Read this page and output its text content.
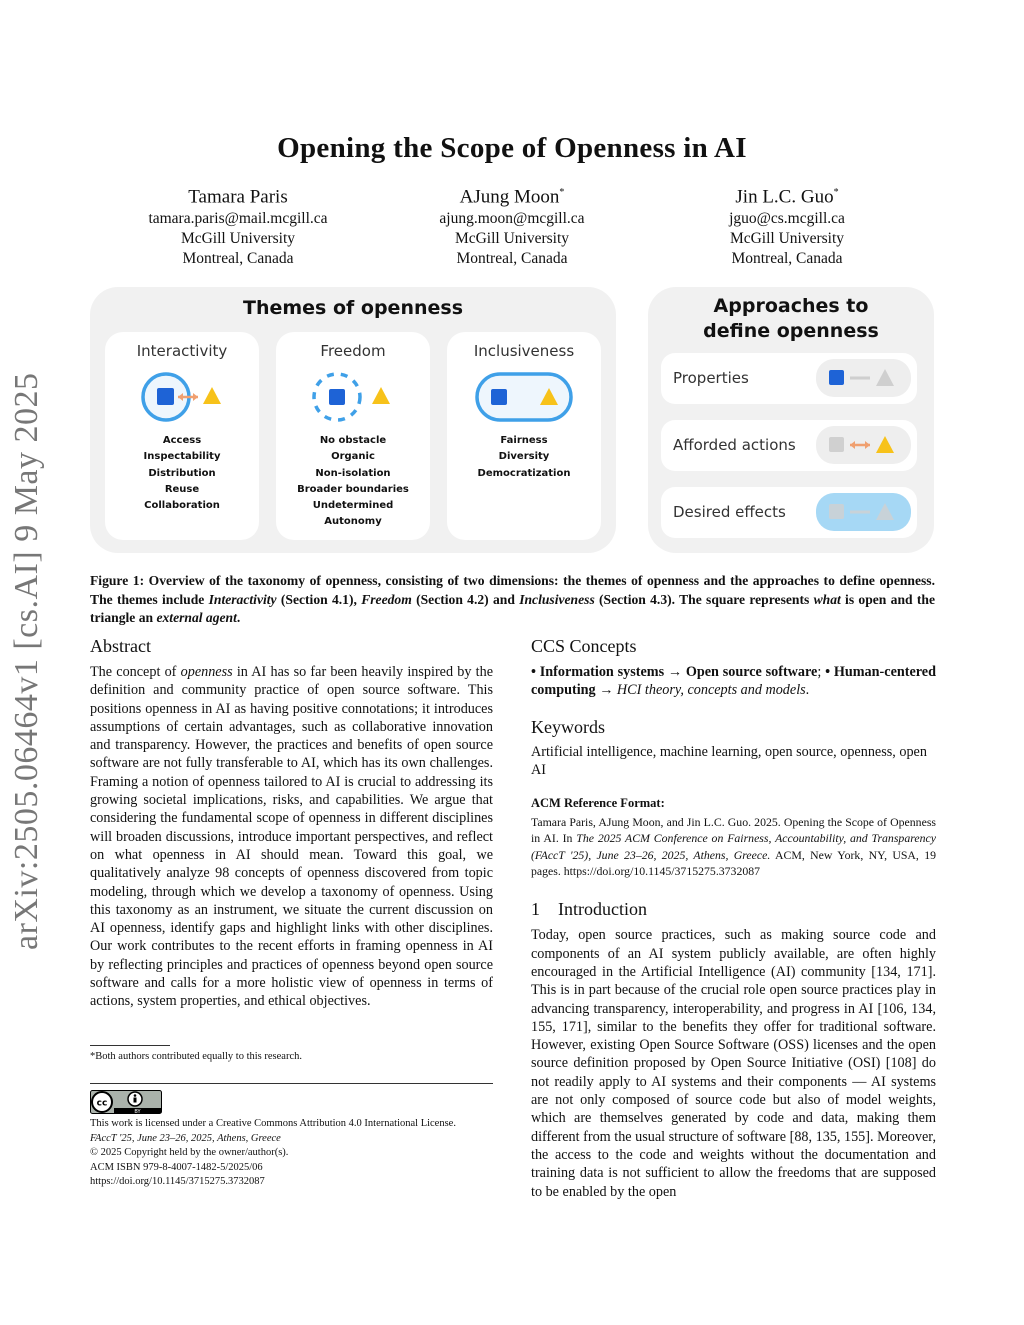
arXiv:2505.06464v1 [cs.AI] 9 May 2025
Opening the Scope of Openness in AI
Tamara Paris
tamara.paris@mail.mcgill.ca
McGill University
Montreal, Canada
AJung Moon*
ajung.moon@mcgill.ca
McGill University
Montreal, Canada
Jin L.C. Guo*
jguo@cs.mcgill.ca
McGill University
Montreal, Canada
Themes of openness
Interactivity
Access
Inspectability
Distribution
Reuse
Collaboration
Freedom
No obstacle
Organic
Non-isolation
Broader boundaries
Undetermined
Autonomy
Inclusiveness
Fairness
Diversity
Democratization
Approaches to
define openness
Properties
Afforded actions
Desired effects
Figure 1: Overview of the taxonomy of openness, consisting of two dimensions: the themes of openness and the approaches to define openness. The themes include Interactivity (Section 4.1), Freedom (Section 4.2) and Inclusiveness (Section 4.3). The square represents what is open and the triangle an external agent.
Abstract
The concept of openness in AI has so far been heavily inspired by the definition and community practice of open source software. This positions openness in AI as having positive connotations; it introduces assumptions of certain advantages, such as collaborative innovation and transparency. However, the practices and benefits of open source software are not fully transferable to AI, which has its own challenges. Framing a notion of openness tailored to AI is crucial to addressing its growing societal implications, risks, and capabilities. We argue that considering the fundamental scope of openness in different disciplines will broaden discussions, introduce important perspectives, and reflect on what openness in AI should mean. Toward this goal, we qualitatively analyze 98 concepts of openness discovered from topic modeling, through which we develop a taxonomy of openness. Using this taxonomy as an instrument, we situate the current discussion on AI openness, identify gaps and highlight links with other disciplines. Our work contributes to the recent efforts in framing openness in AI by reflecting principles and practices of openness beyond open source software and calls for a more holistic view of openness in terms of actions, system properties, and ethical objectives.
*Both authors contributed equally to this research.
cc
BY
This work is licensed under a Creative Commons Attribution 4.0 International License.
FAccT '25, June 23–26, 2025, Athens, Greece
© 2025 Copyright held by the owner/author(s).
ACM ISBN 979-8-4007-1482-5/2025/06
https://doi.org/10.1145/3715275.3732087
CCS Concepts
• Information systems → Open source software; • Human-centered computing → HCI theory, concepts and models.
Keywords
Artificial intelligence, machine learning, open source, openness, open AI
ACM Reference Format:
Tamara Paris, AJung Moon, and Jin L.C. Guo. 2025. Opening the Scope of Openness in AI. In The 2025 ACM Conference on Fairness, Accountability, and Transparency (FAccT '25), June 23–26, 2025, Athens, Greece. ACM, New York, NY, USA, 19 pages. https://doi.org/10.1145/3715275.3732087
1 Introduction
Today, open source practices, such as making source code and components of an AI system publicly available, are often highly encouraged in the Artificial Intelligence (AI) community [134, 171]. This is in part because of the crucial role open source practices play in advancing transparency, interoperability, and progress in AI [106, 134, 155, 171], similar to the benefits they offer for traditional software. However, existing Open Source Software (OSS) licenses and the open source definition proposed by Open Source Initiative (OSI) [108] do not readily apply to AI systems and their components — AI systems are not only composed of source code but also of model weights, which are themselves generated by code and data, making them different from the usual structure of software [88, 135, 155]. Moreover, the access to the code and weights without the documentation and training data is not sufficient to allow the freedoms that are supposed to be enabled by the open
